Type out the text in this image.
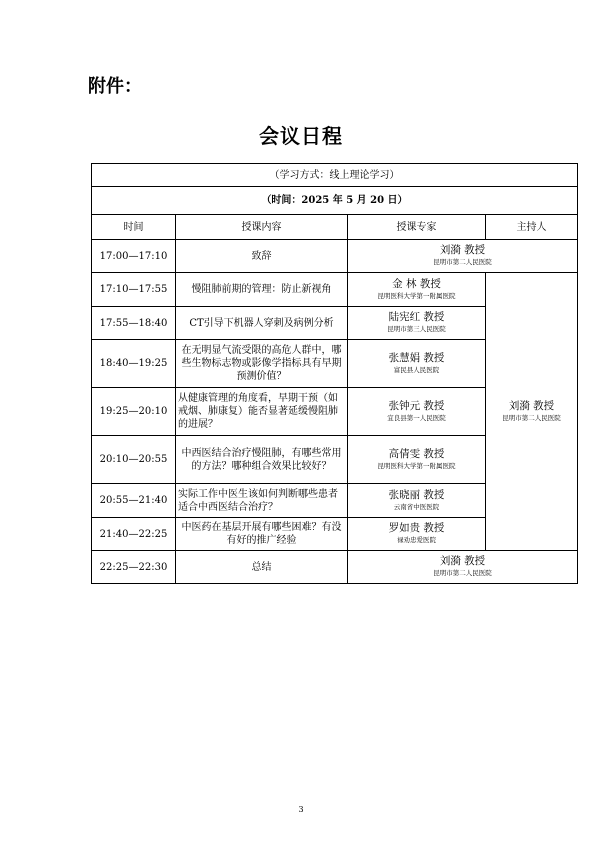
附件：
会议日程
（学习方式：线上理论学习）			
（时间：2025 年 5 月 20 日）			
时间	授课内容	授课专家	主持人
17:00—17:10	致辞	刘漪 教授
昆明市第二人民医院	

17:10—17:55	慢阻肺前期的管理：防止新视角	金 林 教授
昆明医科大学第一附属医院	刘漪 教授
昆明市第二人民医院

17:55—18:40	CT引导下机器人穿刺及病例分析	陆宪红 教授
昆明市第三人民医院	

18:40—19:25	在无明显气流受限的高危人群中，哪些生物标志物或影像学指标具有早期预测价值？	张慧娟 教授
富民县人民医院	

19:25—20:10	从健康管理的角度看，早期干预（如戒烟、肺康复）能否显著延缓慢阻肺的进展？	张钟元 教授
宜良县第一人民医院	

20:10—20:55	中西医结合治疗慢阻肺，有哪些常用的方法？哪种组合效果比较好？	高倩雯 教授
昆明医科大学第一附属医院	

20:55—21:40	实际工作中医生该如何判断哪些患者适合中西医结合治疗？	张晓丽 教授
云南省中医医院	

21:40—22:25	中医药在基层开展有哪些困难？有没有好的推广经验	罗如贵 教授
禄劝忠爱医院	

22:25—22:30	总结	刘漪 教授
昆明市第二人民医院	
3
